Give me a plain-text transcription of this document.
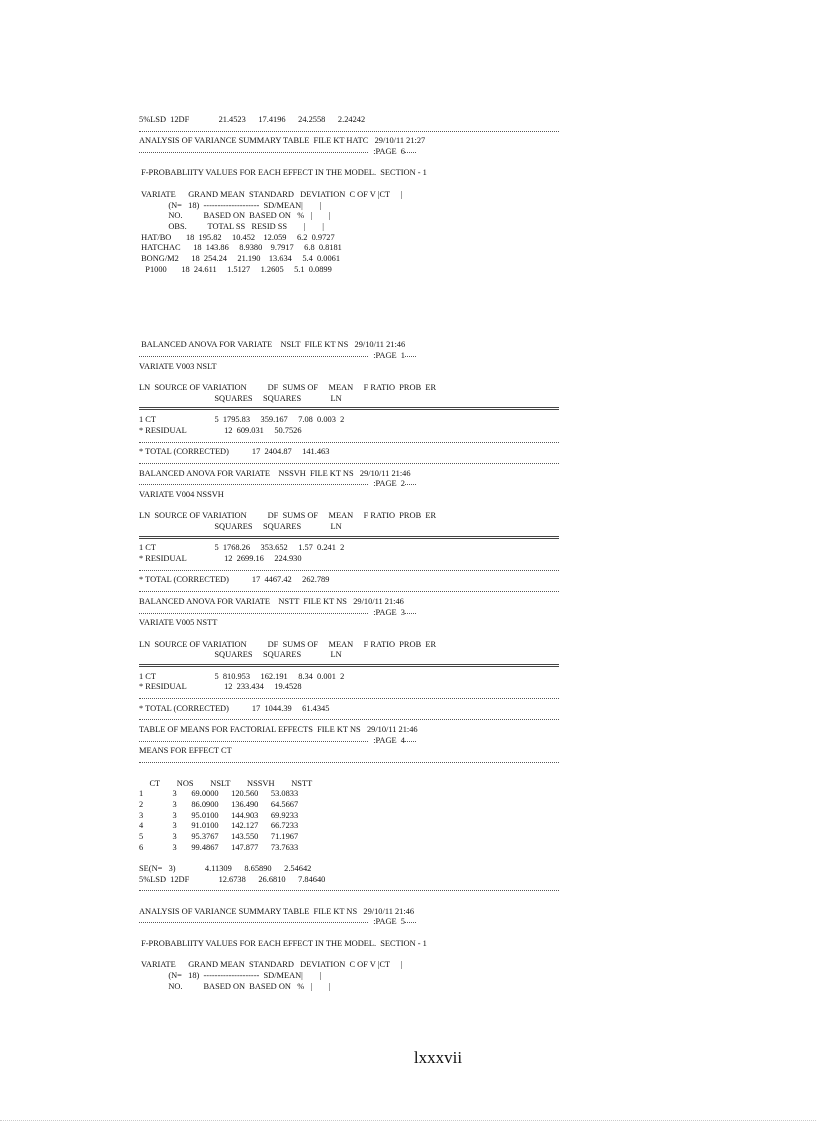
5%LSD  12DF              21.4523      17.4196      24.2558      2.24242
ANALYSIS OF VARIANCE SUMMARY TABLE  FILE KT HATC   29/10/11 21:27
:PAGE  6
F-PROBABLIITY VALUES FOR EACH EFFECT IN THE MODEL.  SECTION - 1
VARIATE      GRAND MEAN  STANDARD   DEVIATION  C OF V |CT     |
(N=   18)  --------------------  SD/MEAN|        |
NO.          BASED ON  BASED ON   %   |        |
OBS.          TOTAL SS   RESID SS        |        |
HAT/BO       18  195.82     10.452    12.059     6.2  0.9727
HATCHAC      18  143.86     8.9380    9.7917     6.8  0.8181
BONG/M2      18  254.24     21.190    13.634     5.4  0.0061
P1000       18  24.611     1.5127     1.2605     5.1  0.0899
BALANCED ANOVA FOR VARIATE    NSLT  FILE KT NS   29/10/11 21:46
:PAGE  1
VARIATE V003 NSLT
LN  SOURCE OF VARIATION          DF  SUMS OF     MEAN     F RATIO  PROB  ER
SQUARES     SQUARES              LN
1 CT                            5  1795.83     359.167     7.08  0.003  2
* RESIDUAL                  12  609.031     50.7526
* TOTAL (CORRECTED)           17  2404.87     141.463
BALANCED ANOVA FOR VARIATE    NSSVH  FILE KT NS   29/10/11 21:46
:PAGE  2
VARIATE V004 NSSVH
LN  SOURCE OF VARIATION          DF  SUMS OF     MEAN     F RATIO  PROB  ER
SQUARES     SQUARES              LN
1 CT                            5  1768.26     353.652     1.57  0.241  2
* RESIDUAL                  12  2699.16     224.930
* TOTAL (CORRECTED)           17  4467.42     262.789
BALANCED ANOVA FOR VARIATE    NSTT  FILE KT NS   29/10/11 21:46
:PAGE  3
VARIATE V005 NSTT
LN  SOURCE OF VARIATION          DF  SUMS OF     MEAN     F RATIO  PROB  ER
SQUARES     SQUARES              LN
1 CT                            5  810.953     162.191     8.34  0.001  2
* RESIDUAL                  12  233.434     19.4528
* TOTAL (CORRECTED)           17  1044.39     61.4345
TABLE OF MEANS FOR FACTORIAL EFFECTS  FILE KT NS   29/10/11 21:46
:PAGE  4
MEANS FOR EFFECT CT
CT        NOS        NSLT        NSSVH        NSTT
1              3       69.0000      120.560      53.0833
2              3       86.0900      136.490      64.5667
3              3       95.0100      144.903      69.9233
4              3       91.0100      142.127      66.7233
5              3       95.3767      143.550      71.1967
6              3       99.4867      147.877      73.7633
SE(N=   3)              4.11309      8.65890      2.54642
5%LSD  12DF              12.6738      26.6810      7.84640
ANALYSIS OF VARIANCE SUMMARY TABLE  FILE KT NS   29/10/11 21:46
:PAGE  5
F-PROBABLIITY VALUES FOR EACH EFFECT IN THE MODEL.  SECTION - 1
VARIATE      GRAND MEAN  STANDARD   DEVIATION  C OF V |CT     |
(N=   18)  --------------------  SD/MEAN|        |
NO.          BASED ON  BASED ON   %   |        |
lxxxvii
